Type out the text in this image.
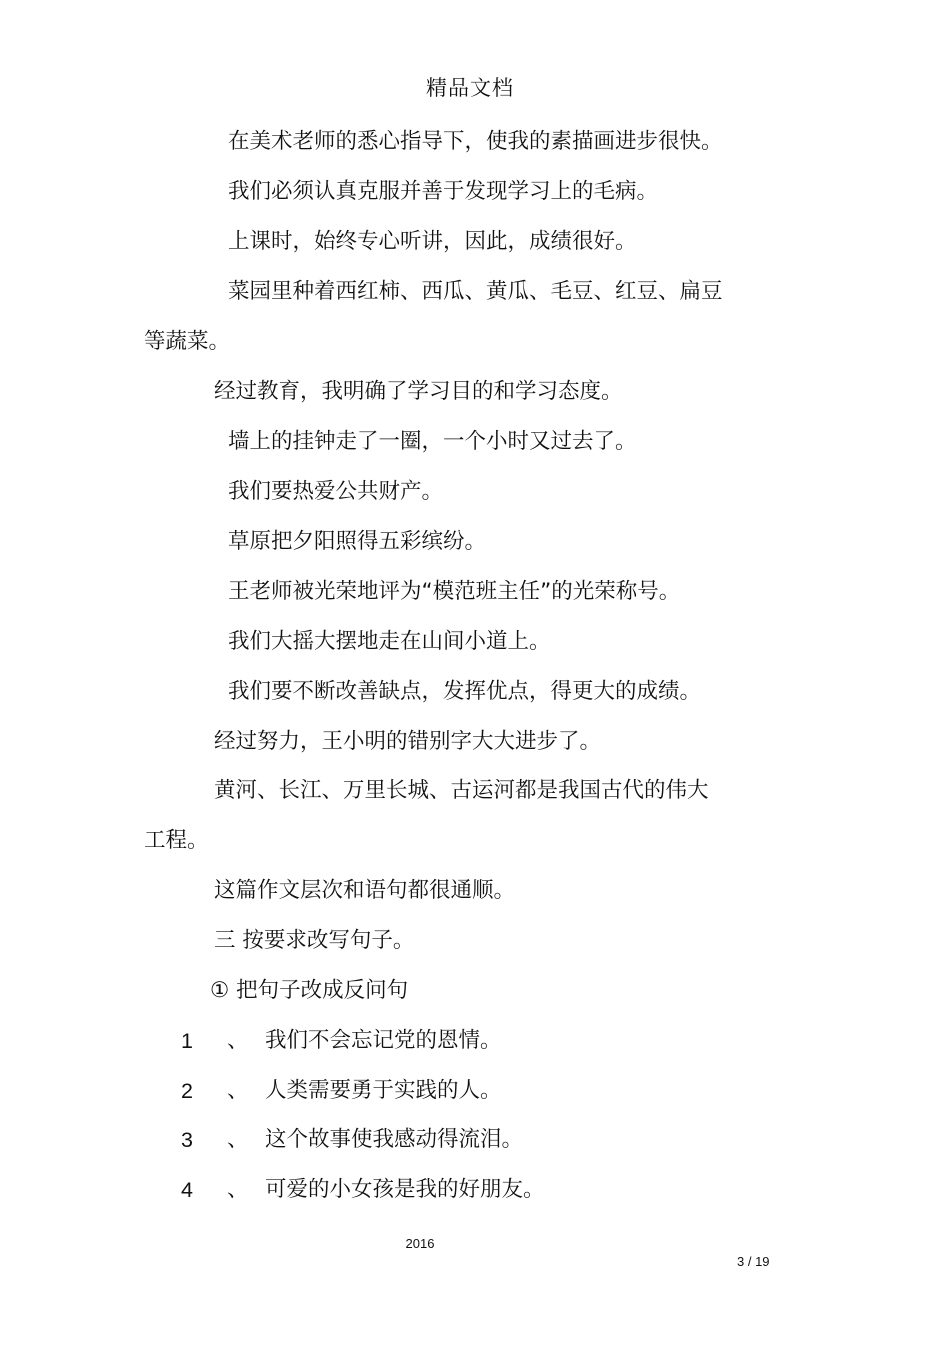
精品文档
在美术老师的悉心指导下，使我的素描画进步很快。
我们必须认真克服并善于发现学习上的毛病。
上课时，始终专心听讲，因此，成绩很好。
菜园里种着西红柿、西瓜、黄瓜、毛豆、红豆、扁豆
等蔬菜。
经过教育，我明确了学习目的和学习态度。
墙上的挂钟走了一圈，一个小时又过去了。
我们要热爱公共财产。
草原把夕阳照得五彩缤纷。
王老师被光荣地评为“模范班主任”的光荣称号。
我们大摇大摆地走在山间小道上。
我们要不断改善缺点，发挥优点，得更大的成绩。
经过努力，王小明的错别字大大进步了。
黄河、长江、万里长城、古运河都是我国古代的伟大
工程。
这篇作文层次和语句都很通顺。
三 按要求改写句子。
① 把句子改成反问句
1 、 我们不会忘记党的恩情。
2 、 人类需要勇于实践的人。
3 、 这个故事使我感动得流泪。
4 、 可爱的小女孩是我的好朋友。
2016
3 / 19
